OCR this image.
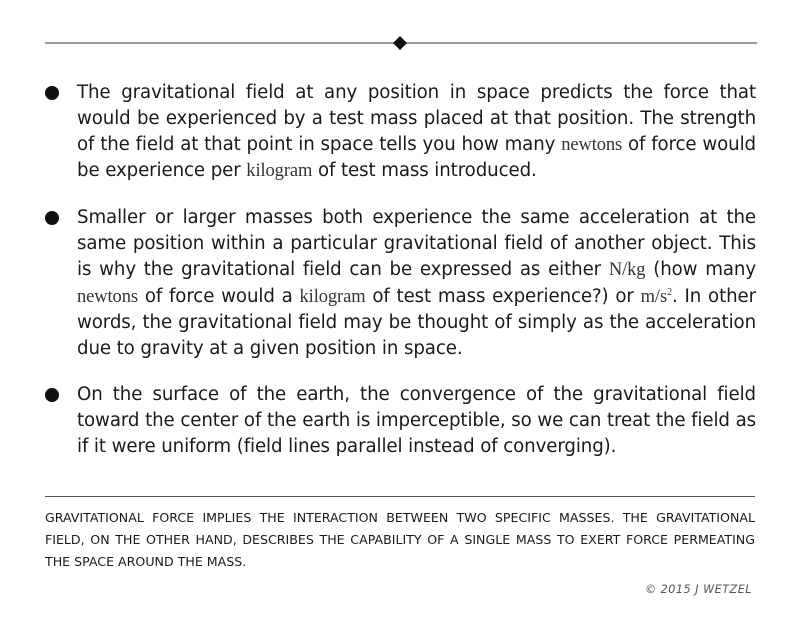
The gravitational field at any position in space predicts the force that would be experienced by a test mass placed at that position. The strength of the field at that point in space tells you how many newtons of force would be experience per kilogram of test mass introduced.
Smaller or larger masses both experience the same acceleration at the same position within a particular gravitational field of another object. This is why the gravitational field can be expressed as either N/kg (how many newtons of force would a kilogram of test mass experience?) or $m/s^2$. In other words, the gravitational field may be thought of simply as the acceleration due to gravity at a given position in space.
On the surface of the earth, the convergence of the gravitational field toward the center of the earth is imperceptible, so we can treat the field as if it were uniform (field lines parallel instead of converging).
GRAVITATIONAL FORCE IMPLIES THE INTERACTION BETWEEN TWO SPECIFIC MASSES. THE GRAVITATIONAL FIELD, ON THE OTHER HAND, DESCRIBES THE CAPABILITY OF A SINGLE MASS TO EXERT FORCE PERMEATING THE SPACE AROUND THE MASS.
© 2015 J WETZEL
